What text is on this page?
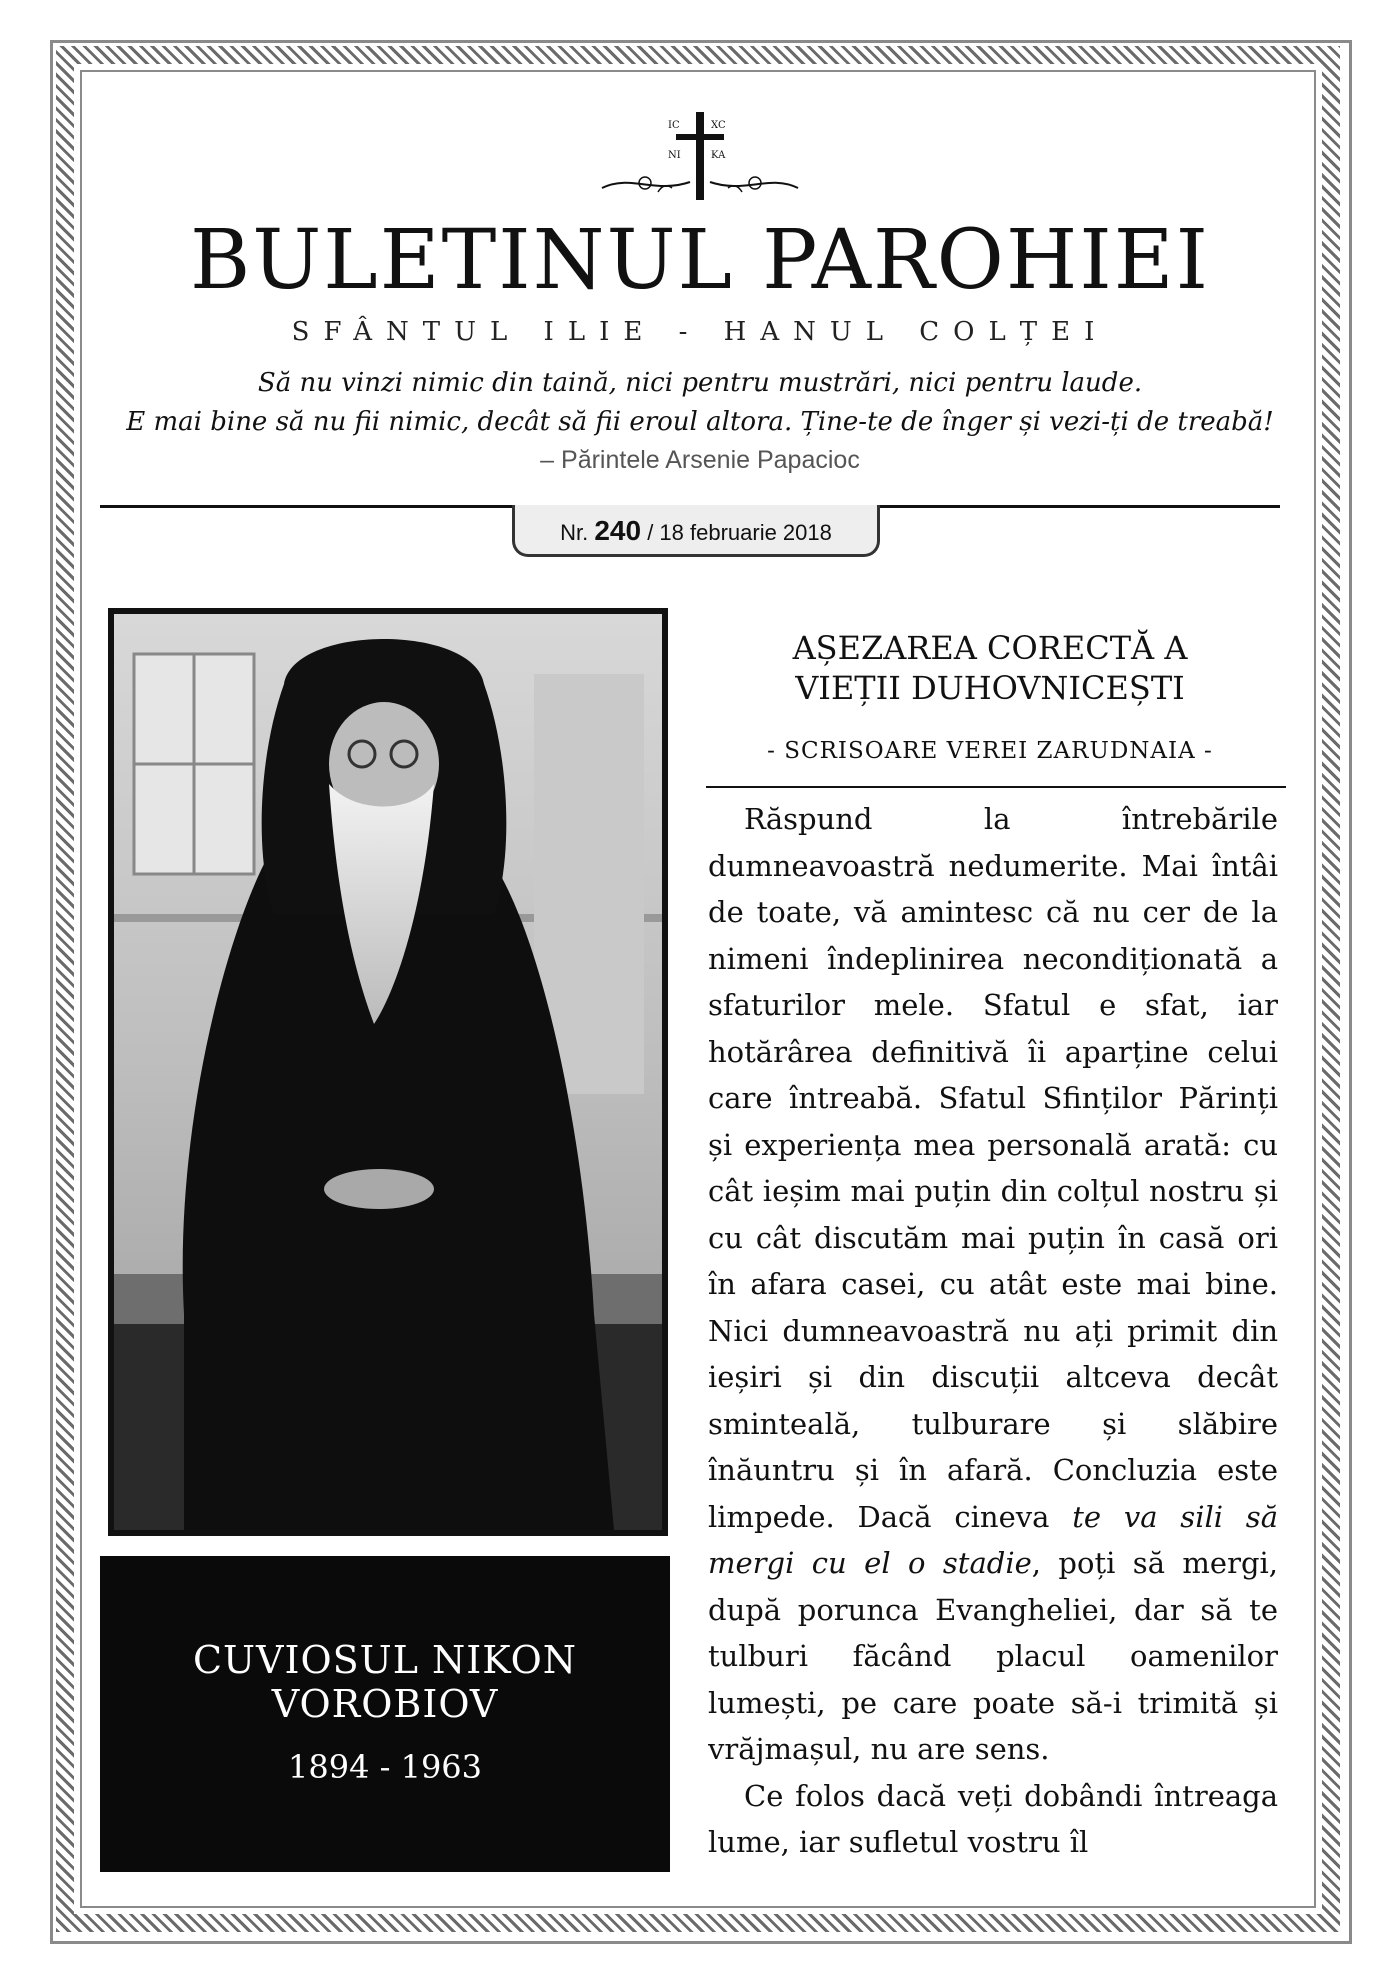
IC	XC
NI	KA
BULETINUL PAROHIEI
SFÂNTUL ILIE - HANUL COLȚEI
Să nu vinzi nimic din taină, nici pentru mustrări, nici pentru laude.
E mai bine să nu fii nimic, decât să fii eroul altora. Ține-te de înger și vezi-ți de treabă!
– Părintele Arsenie Papacioc
Nr. 240 / 18 februarie 2018
CUVIOSUL NIKON
VOROBIOV
1894 - 1963
AȘEZAREA CORECTĂ A
VIEȚII DUHOVNICEȘTI
- SCRISOARE VEREI ZARUDNAIA -

Răspund la întrebările dumneavoastră nedumerite. Mai întâi de toate, vă amintesc că nu cer de la nimeni îndeplinirea necondiționată a sfaturilor mele. Sfatul e sfat, iar hotărârea definitivă îi aparține celui care întreabă. Sfatul Sfinților Părinți și experiența mea personală arată: cu cât ieșim mai puțin din colțul nostru și cu cât discutăm mai puțin în casă ori în afara casei, cu atât este mai bine. Nici dumneavoastră nu ați primit din ieșiri și din discuții altceva decât sminteală, tulburare și slăbire înăuntru și în afară. Concluzia este limpede. Dacă cineva te va sili să mergi cu el o stadie, poți să mergi, după porunca Evangheliei, dar să te tulburi făcând placul oamenilor lumești, pe care poate să-i trimită și vrăjmașul, nu are sens.

Ce folos dacă veți dobândi întreaga lume, iar sufletul vostru îl
